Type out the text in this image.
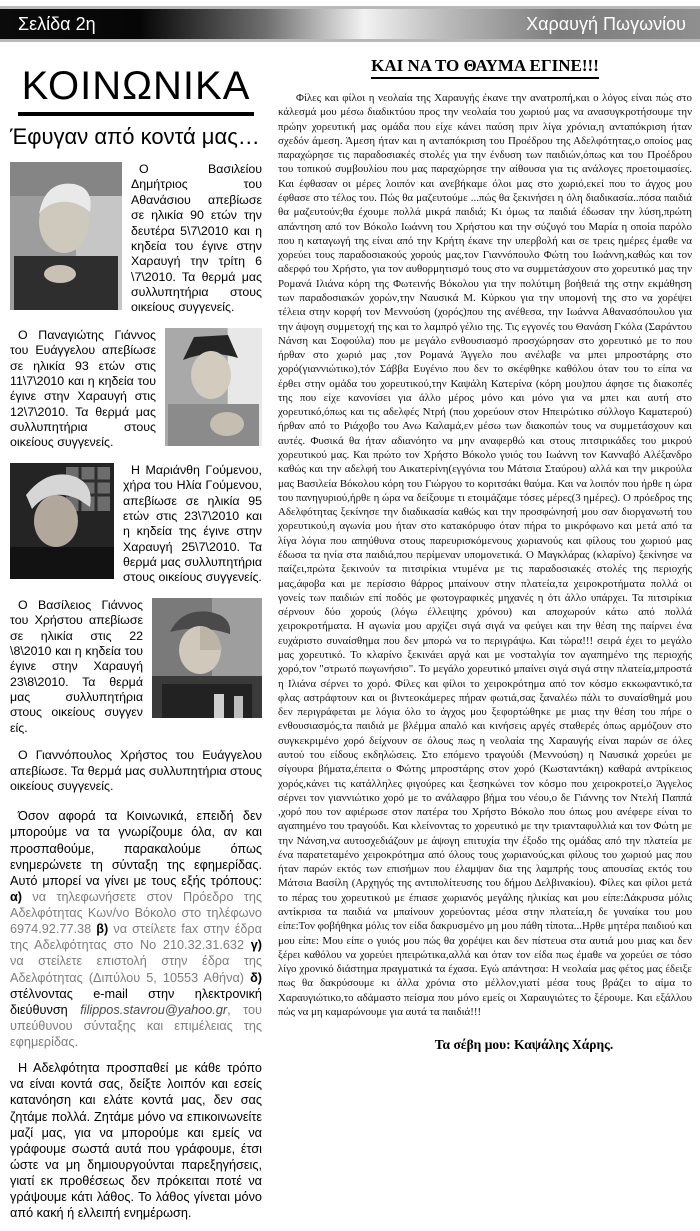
Σελίδα 2η	Χαραυγή Πωγωνίου
ΚΟΙΝΩΝΙΚΑ
Έφυγαν από κοντά μας…

Ο Βασιλείου Δημήτριος του Αθανάσιου απεβίωσε σε ηλικία 90 ετών την δευτέρα 5\7\2010 και η κηδεία του έγινε στην Χαραυγή την τρίτη 6 \7\2010. Τα θερμά μας συλλυπητήρια στους οικείους συγγενείς.

Ο Παναγιώτης Γιάννος του Ευάγγελου απεβίωσε σε ηλικία 93 ετών στις 11\7\2010 και η κηδεία του έγινε στην Χαραυγή στις 12\7\2010. Τα θερμά μας συλλυπητήρια στους οικείους συγγενείς.

Η Μαριάνθη Γούμενου, χήρα του Ηλία Γούμενου, απεβίωσε σε ηλικία 95 ετών στις 23\7\2010 και η κηδεία της έγινε στην Χαραυγή 25\7\2010. Τα θερμά μας συλλυπητήρια στους οικείους συγγενείς.

Ο Βασίλειος Γιάννος του Χρήστου απεβίωσε σε ηλικία στις 22 \8\2010 και η κηδεία του έγινε στην Χαραυγή 23\8\2010. Τα θερμά μας συλλυπητήρια στους οικείους συγγεν είς.

Ο Γιαννόπουλος Χρήστος του Ευάγγελου απεβίωσε. Τα θερμά μας συλλυπητήρια στους οικείους συγγενείς.

Όσον αφορά τα Κοινωνικά, επειδή δεν μπορούμε να τα γνωρίζουμε όλα, αν και προσπαθούμε, παρακαλούμε όπως ενημερώνετε τη σύνταξη της εφημερίδας. Αυτό μπορεί να γίνει με τους εξής τρόπους: α) να τηλεφωνήσετε στον Πρόεδρο της Αδελφότητας Κων/νο Βόκολο στο τηλέφωνο 6974.92.77.38 β) να στείλετε fax στην έδρα της Αδελφότητας στο No 210.32.31.632 γ) να στείλετε επιστολή στην έδρα της Αδελφότητας (Διπύλου 5, 10553 Αθήνα) δ) στέλνοντας e-mail στην ηλεκτρονική διεύθυνση filippos.stavrou@yahoo.gr, του υπεύθυνου σύνταξης και επιμέλειας της εφημερίδας.

Η Αδελφότητα προσπαθεί με κάθε τρόπο να είναι κοντά σας, δείξτε λοιπόν και εσείς κατανόηση και ελάτε κοντά μας, δεν σας ζητάμε πολλά. Ζητάμε μόνο να επικοινωνείτε μαζί μας, για να μπορούμε και εμείς να γράφουμε σωστά αυτά που γράφουμε, έτσι ώστε να μη δημιουργούνται παρεξηγήσεις, γιατί εκ προθέσεως δεν πρόκειται ποτέ να γράψουμε κάτι λάθος. Το λάθος γίνεται μόνο από κακή ή ελλειπή ενημέρωση.

ΚΑΙ ΝΑ ΤΟ ΘΑΥΜΑ ΕΓΙΝΕ!!!

Φίλες και φίλοι η νεολαία της Χαραυγής έκανε την ανατροπή,και ο λόγος είναι πώς στο κάλεσμά μου μέσω διαδικτύου προς την νεολαία του χωριού μας να ανασυγκροτήσουμε την πρώην χορευτική μας ομάδα που είχε κάνει παύση πριν λίγα χρόνια,η ανταπόκριση ήταν σχεδόν άμεση. Άμεση ήταν και η ανταπόκριση του Προέδρου της Αδελφότητας,ο οποίος μας παραχώρησε τις παραδοσιακές στολές για την ένδυση των παιδιών,όπως και του Προέδρου του τοπικού συμβουλίου που μας παραχώρησε την αίθουσα για τις ανάλογες προετοιμασίες. Και έφθασαν οι μέρες λοιπόν και ανεβήκαμε όλοι μας στο χωριό,εκεί που το άγχος μου έφθασε στο τέλος του. Πώς θα μαζευτούμε ...πώς θα ξεκινήσει η όλη διαδικασία..πόσα παιδιά θα μαζευτούν;θα έχουμε πολλά μικρά παιδιά; Κι όμως τα παιδιά έδωσαν την λύση,πρώτη απάντηση από τον Βόκολο Ιωάννη του Χρήστου και την σύζυγό του Μαρία η οποία παρόλο που η καταγωγή της είναι από την Κρήτη έκανε την υπερβολή και σε τρεις ημέρες έμαθε να χορεύει τους παραδοσιακούς χορούς μας,τον Γιαννόπουλο Φώτη του Ιωάννη,καθώς και τον αδερφό του Χρήστο, για τον αυθορμητισμό τους στο να συμμετάσχουν στο χορευτικό μας την Ρομανά Ιλιάνα κόρη της Φωτεινής Βόκολου για την πολύτιμη βοήθειά της στην εκμάθηση των παραδοσιακών χορών,την Ναυσικά Μ. Κύρκου για την υπομονή της στο να χορέψει τέλεια στην κορφή τον Μεννούση (χορός)που της ανέθεσα, την Ιωάννα Αθανασόπουλου για την άψογη συμμετοχή της και το λαμπρό γέλιο της. Τις εγγονές του Θανάση Γκόλα (Σαράντου Νάνση και Σοφούλα) που με μεγάλο ενθουσιασμό προσχώρησαν στο χορευτικό με το που ήρθαν στο χωριό μας ,τον Ρομανά Άγγελο που ανέλαβε να μπει μπροστάρης στο χορό(γιαννιώτικο),τόν Σάββα Ευγένιο που δεν το σκέφθηκε καθόλου όταν του το είπα να έρθει στην ομάδα του χορευτικού,την Καψάλη Κατερίνα (κόρη μου)που άφησε τις διακοπές της που είχε κανονίσει για άλλο μέρος μόνο και μόνο για να μπει και αυτή στο χορευτικό,όπως και τις αδελφές Ντρή (που χορεύουν στον Ηπειρώτικο σύλλογο Καματερού) ήρθαν από το Ριάχοβο του Ανω Καλαμά,εν μέσω των διακοπών τους να συμμετάσχουν και αυτές. Φυσικά θα ήταν αδιανόητο να μην αναφερθώ και στους πιτσιρικάδες του μικρού χορευτικού μας. Και πρώτο τον Χρήστο Βόκολο γυιός του Ιωάννη τον Κανναβό Αλέξανδρο καθώς και την αδελφή του Αικατερίνη(εγγόνια του Μάτσια Σταύρου) αλλά και την μικρούλα μας Βασιλεία Βόκολου κόρη του Γιώργου το κοριτσάκι θαύμα. Και να λοιπόν που ήρθε η ώρα του πανηγυριού,ήρθε η ώρα να δείξουμε τι ετοιμάζαμε τόσες μέρες(3 ημέρες). Ο πρόεδρος της Αδελφότητας ξεκίνησε την διαδικασία καθώς και την προσφώνησή μου σαν διοργανωτή του χορευτικού,η αγωνία μου ήταν στο κατακόρυφο όταν πήρα το μικρόφωνο και μετά από τα λίγα λόγια που απηύθυνα στους παρευρισκόμενους χωριανούς και φίλους του χωριού μας έδωσα τα ηνία στα παιδιά,που περίμεναν υπομονετικά. Ο Μαγκλάρας (κλαρίνο) ξεκίνησε να παίζει,πρώτα ξεκινούν τα πιτσιρίκια ντυμένα με τις παραδοσιακές στολές της περιοχής μας,άφοβα και με περίσσιο θάρρος μπαίνουν στην πλατεία,τα χειροκροτήματα πολλά οι γονείς των παιδιών επί ποδός με φωτογραφικές μηχανές η ότι άλλο υπάρχει. Τα πιτσιρίκια σέρνουν δύο χορούς (λόγω έλλειψης χρόνου) και αποχωρούν κάτω από πολλά χειροκροτήματα. Η αγωνία μου αρχίζει σιγά σιγά να φεύγει και την θέση της παίρνει ένα ευχάριστο συναίσθημα που δεν μπορώ να το περιγράψω. Και τώρα!!! σειρά έχει το μεγάλο μας χορευτικό. Το κλαρίνο ξεκινάει αργά και με νοσταλγία τον αγαπημένο της περιοχής χορό,τον "στρωτό πωγωνήσιο". Το μεγάλο χορευτικό μπαίνει σιγά σιγά στην πλατεία,μπροστά η Ιλιάνα σέρνει το χορό. Φίλες και φίλοι το χειροκρότημα από τον κόσμο εκκωφαντικό,τα φλας αστράφτουν και οι βιντεοκάμερες πήραν φωτιά,σας ξαναλέω πάλι το συναίσθημά μου δεν περιγράφεται με λόγια όλο το άγχος μου ξεφορτώθηκε με μιας την θέση του πήρε ο ενθουσιασμός,τα παιδιά με βλέμμα απαλό και κινήσεις αργές σταθερές όπως αρμόζουν στο συγκεκριμένο χορό δείχνουν σε όλους πως η νεολαία της Χαραυγής είναι παρών σε όλες αυτού του είδους εκδηλώσεις. Στο επόμενο τραγούδι (Μεννούση) η Ναυσικά χορεύει με σίγουρα βήματα,έπειτα ο Φώτης μπροστάρης στον χορό (Κωσταντάκη) καθαρά αντρίκειος χορός,κάνει τις κατάλληλες φιγούρες και ξεσηκώνει τον κόσμο που χειροκροτεί,ο Άγγελος σέρνει τον γιαννιώτικο χορό με το ανάλαφρο βήμα του νέου,ο δε Γιάννης τον Ντελή Παππά ,χορό που τον αφιέρωσε στον πατέρα του Χρήστο Βόκολο που όπως μου ανέφερε είναι το αγαπημένο του τραγούδι. Και κλείνοντας το χορευτικό με την τριανταφυλλιά και τον Φώτη με την Νάνση,να αυτοσχεδιάζουν με άψογη επιτυχία την έξοδο της ομάδας από την πλατεία με ένα παρατεταμένο χειροκρότημα από όλους τους χωριανούς,και φίλους του χωριού μας που ήταν παρών εκτός των επισήμων που έλαμψαν δια της λαμπρής τους απουσίας εκτός του Μάτσια Βασίλη (Αρχηγός της αντιπολίτευσης του δήμου Δελβινακίου). Φίλες και φίλοι μετά το πέρας του χορευτικού με έπιασε χωριανός μεγάλης ηλικίας και μου είπε:Δάκρυσα μόλις αντίκρισα τα παιδιά να μπαίνουν χορεύοντας μέσα στην πλατεία,η δε γυναίκα του μου είπε:Τον φοβήθηκα μόλις τον είδα δακρυσμένο μη μου πάθη τίποτα...Ηρθε μητέρα παιδιού και μου είπε: Μου είπε ο γυιός μου πώς θα χορέψει και δεν πίστευα στα αυτιά μου μιας και δεν ξέρει καθόλου να χορεύει ηπειρώτικα,αλλά και όταν τον είδα πως έμαθε να χορεύει σε τόσο λίγο χρονικό διάστημα πραγματικά τα έχασα. Εγώ απάντησα: Η νεολαία μας φέτος μας έδειξε πως θα δακρύσουμε κι άλλα χρόνια στο μέλλον,γιατί μέσα τους βράζει το αίμα το Χαραυγιώτικο,το αδάμαστο πείσμα που μόνο εμείς οι Χαραυγιώτες το ξέρουμε. Και εξάλλου πώς να μη καμαρώνουμε για αυτά τα παιδιά!!!

Τα σέβη μου: Καψάλης Χάρης.
